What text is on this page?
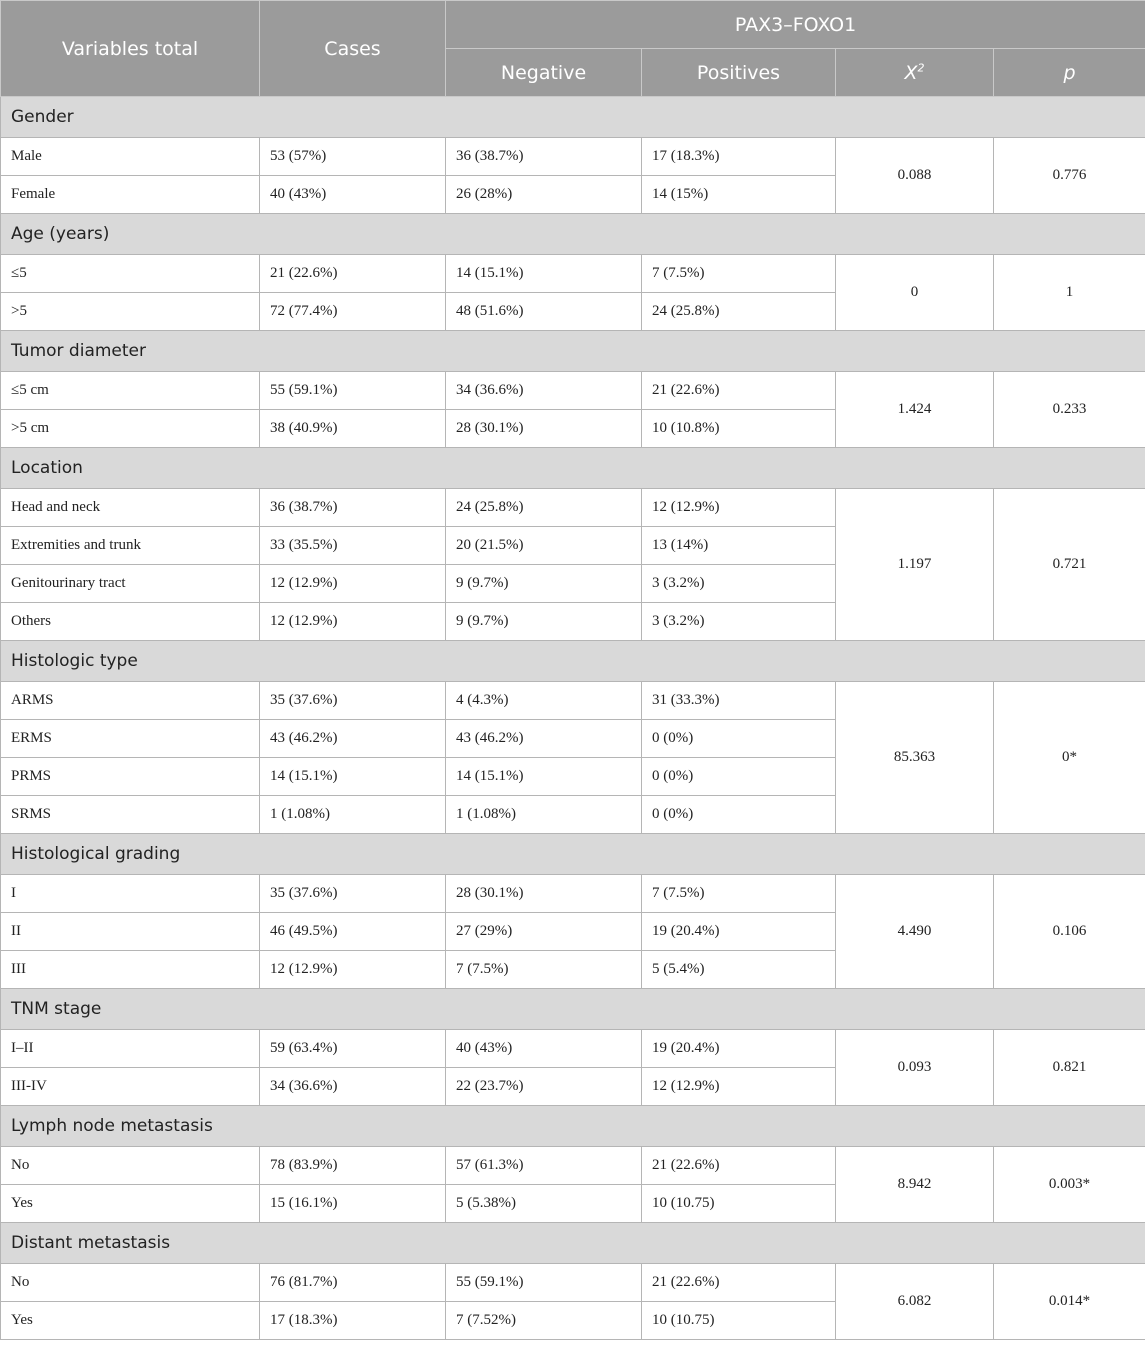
Variables total	Cases	PAX3–FOXO1			
		Negative	Positives	$X^2$	p
Gender					
Male	53 (57%)	36 (38.7%)	17 (18.3%)	0.088	0.776
Female	40 (43%)	26 (28%)	14 (15%)		
Age (years)					
≤5	21 (22.6%)	14 (15.1%)	7 (7.5%)	0	1
>5	72 (77.4%)	48 (51.6%)	24 (25.8%)		
Tumor diameter					
≤5 cm	55 (59.1%)	34 (36.6%)	21 (22.6%)	1.424	0.233
>5 cm	38 (40.9%)	28 (30.1%)	10 (10.8%)		
Location					
Head and neck	36 (38.7%)	24 (25.8%)	12 (12.9%)	1.197	0.721
Extremities and trunk	33 (35.5%)	20 (21.5%)	13 (14%)		
Genitourinary tract	12 (12.9%)	9 (9.7%)	3 (3.2%)		
Others	12 (12.9%)	9 (9.7%)	3 (3.2%)		
Histologic type					
ARMS	35 (37.6%)	4 (4.3%)	31 (33.3%)	85.363	0*
ERMS	43 (46.2%)	43 (46.2%)	0 (0%)		
PRMS	14 (15.1%)	14 (15.1%)	0 (0%)		
SRMS	1 (1.08%)	1 (1.08%)	0 (0%)		
Histological grading					
I	35 (37.6%)	28 (30.1%)	7 (7.5%)	4.490	0.106
II	46 (49.5%)	27 (29%)	19 (20.4%)		
III	12 (12.9%)	7 (7.5%)	5 (5.4%)		
TNM stage					
I–II	59 (63.4%)	40 (43%)	19 (20.4%)	0.093	0.821
III-IV	34 (36.6%)	22 (23.7%)	12 (12.9%)		
Lymph node metastasis					
No	78 (83.9%)	57 (61.3%)	21 (22.6%)	8.942	0.003*
Yes	15 (16.1%)	5 (5.38%)	10 (10.75)		
Distant metastasis					
No	76 (81.7%)	55 (59.1%)	21 (22.6%)	6.082	0.014*
Yes	17 (18.3%)	7 (7.52%)	10 (10.75)		
